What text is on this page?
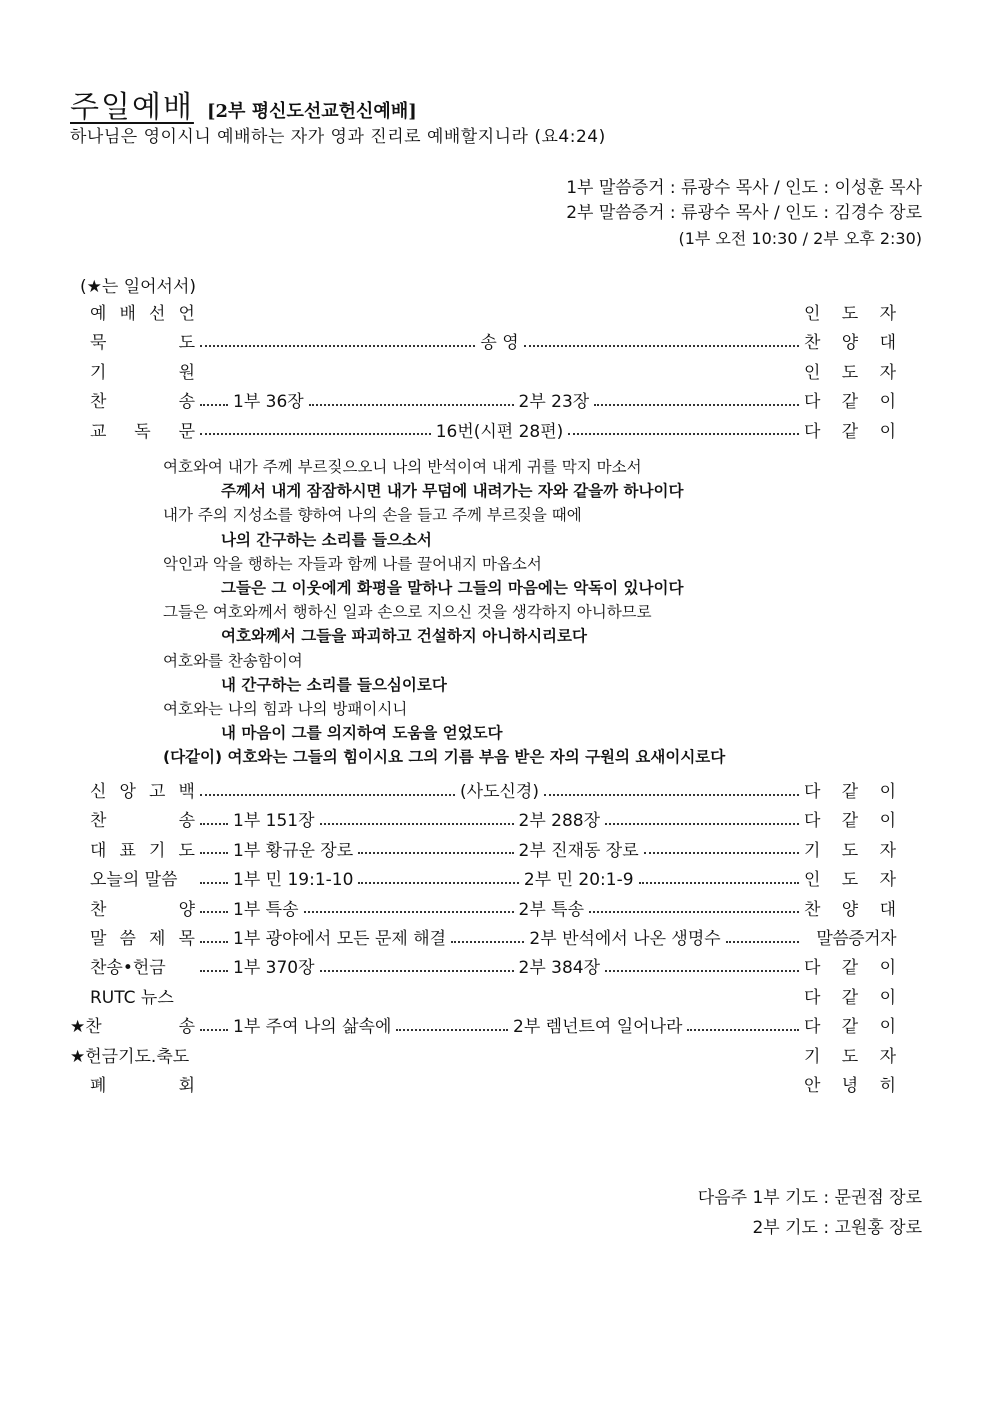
주일예배 [2부 평신도선교헌신예배]
하나님은 영이시니 예배하는 자가 영과 진리로 예배할지니라 (요4:24)
1부 말씀증거 : 류광수 목사 / 인도 : 이성훈 목사
2부 말씀증거 : 류광수 목사 / 인도 : 김경수 장로
(1부 오전 10:30 / 2부 오후 2:30)
(★는 일어서서)
예 배 선 언	인 도 자
묵	도	송 영	찬 양 대
기	원	인 도 자
찬	송 1부 36장	2부 23장	다 같 이
교 독 문	16번(시편 28편)	다 같 이
여호와여 내가 주께 부르짖으오니 나의 반석이여 내게 귀를 막지 마소서
주께서 내게 잠잠하시면 내가 무덤에 내려가는 자와 같을까 하나이다
내가 주의 지성소를 향하여 나의 손을 들고 주께 부르짖을 때에
나의 간구하는 소리를 들으소서
악인과 악을 행하는 자들과 함께 나를 끌어내지 마옵소서
그들은 그 이웃에게 화평을 말하나 그들의 마음에는 악독이 있나이다
그들은 여호와께서 행하신 일과 손으로 지으신 것을 생각하지 아니하므로
여호와께서 그들을 파괴하고 건설하지 아니하시리로다
여호와를 찬송함이여
내 간구하는 소리를 들으심이로다
여호와는 나의 힘과 나의 방패이시니
내 마음이 그를 의지하여 도움을 얻었도다
(다같이) 여호와는 그들의 힘이시요 그의 기름 부음 받은 자의 구원의 요새이시로다
신 앙 고 백	(사도신경)	다 같 이
찬	송 1부 151장	2부 288장	다 같 이
대 표 기 도 1부 황규운 장로	2부 진재동 장로	기 도 자
오늘의 말씀	1부 민 19:1-10	2부 민 20:1-9	인 도 자
찬	양 1부 특송	2부 특송	찬 양 대
말 씀 제 목 1부 광야에서 모든 문제 해결	2부 반석에서 나온 생명수	말씀증거자
찬송•헌금	1부 370장	2부 384장	다 같 이
RUTC 뉴스	다 같 이
★찬	송 1부 주여 나의 삶속에	2부 렘넌트여 일어나라	다 같 이
★헌금기도.축도	기 도 자
폐	회	안 녕 히
다음주 1부 기도 : 문권점 장로
2부 기도 : 고원홍 장로
